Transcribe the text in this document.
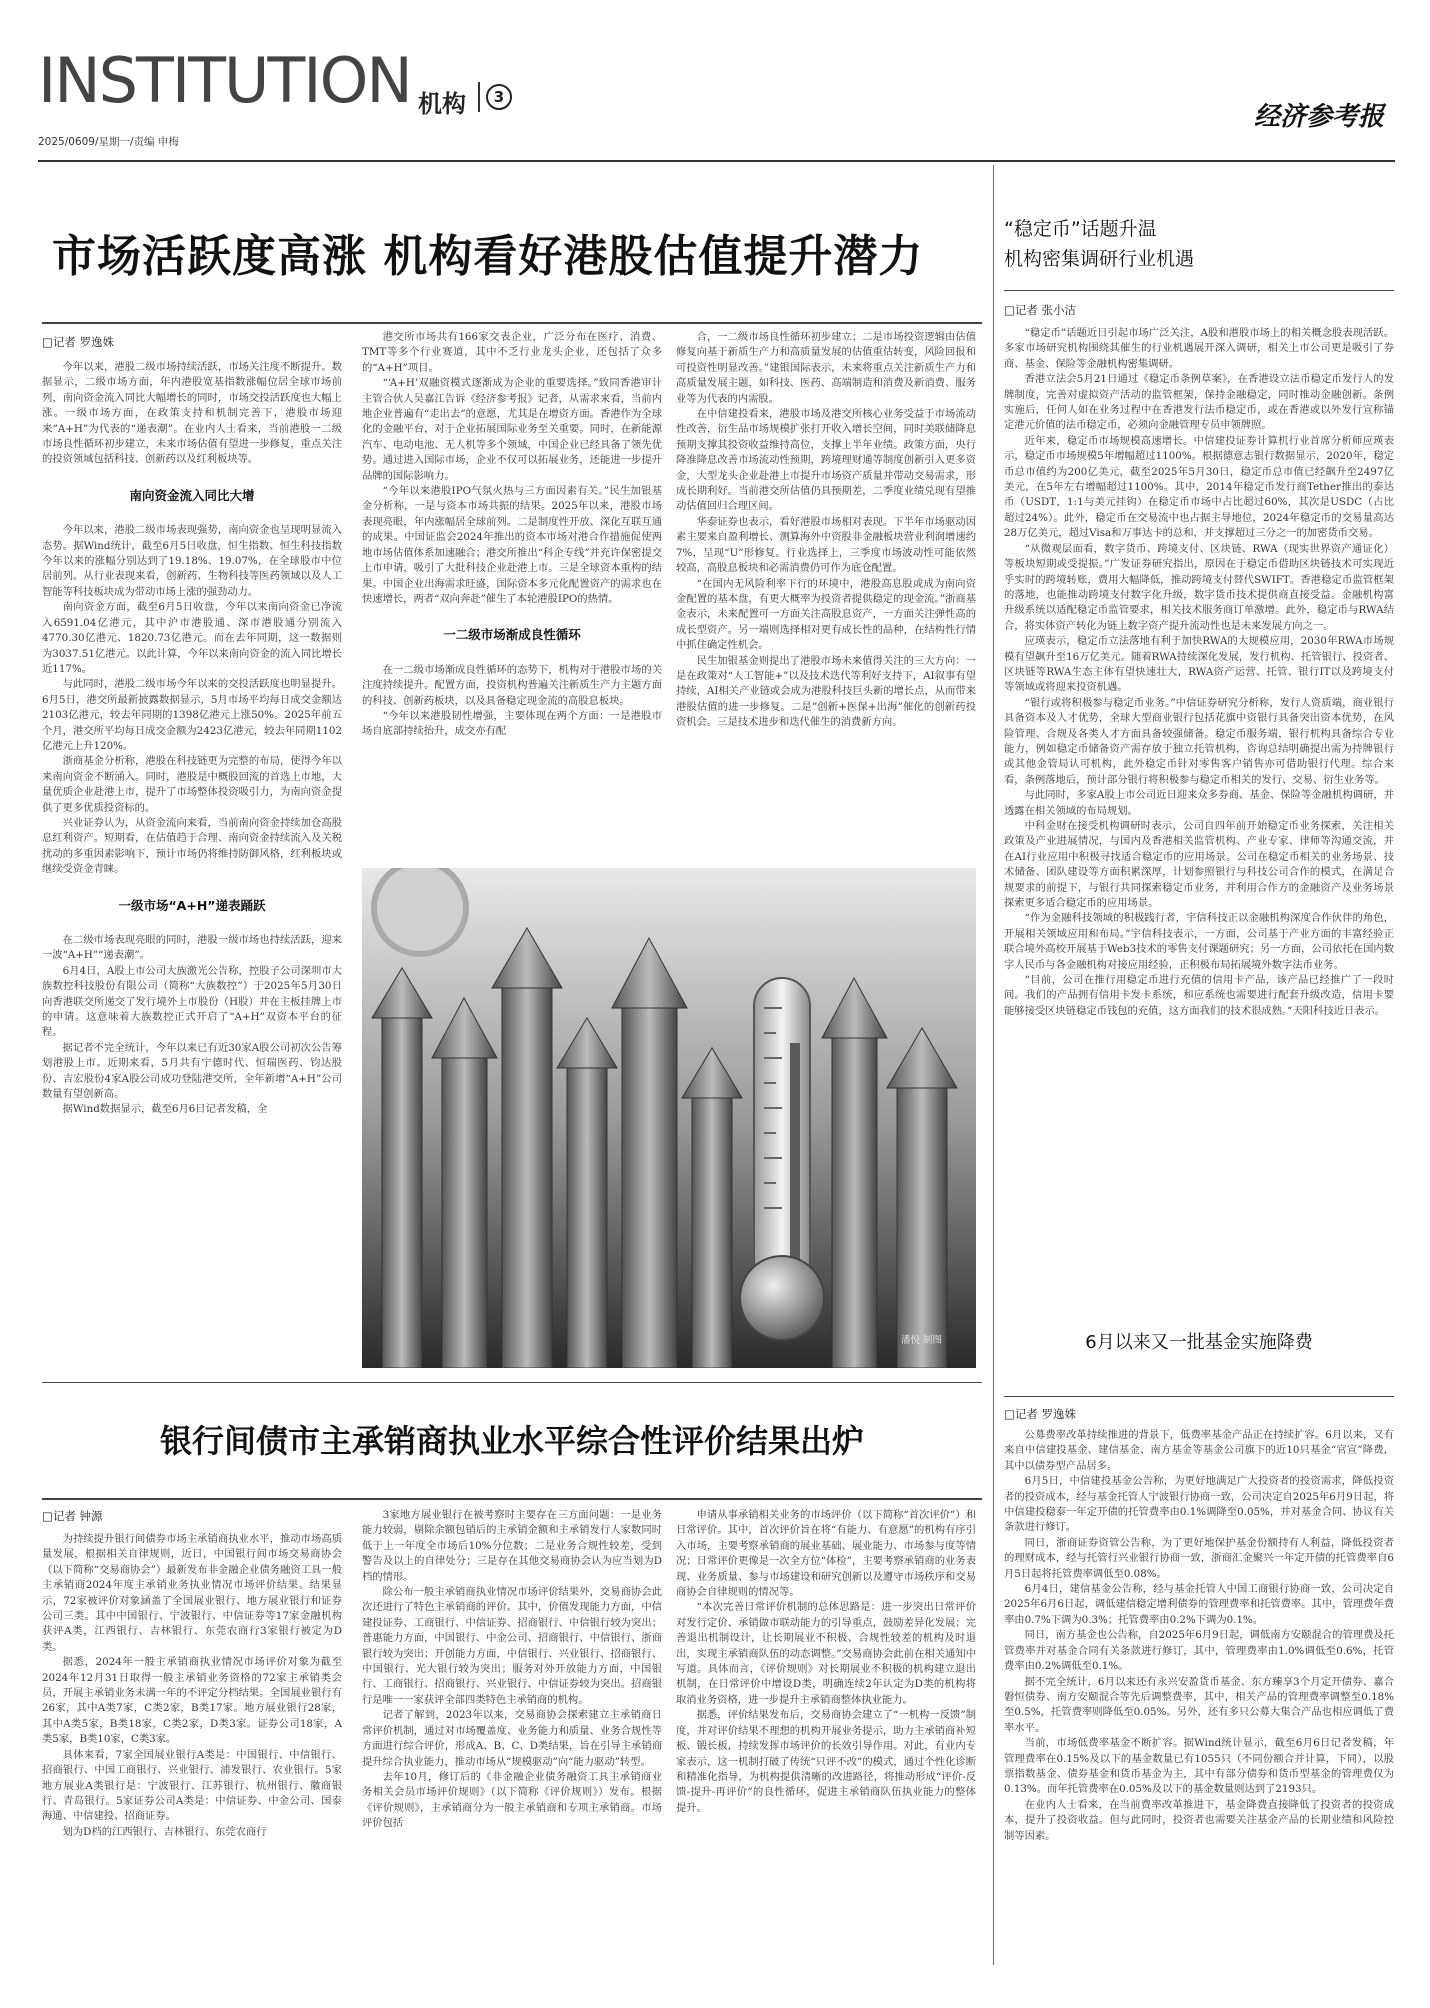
INSTITUTION 机构	3
2025/0609/星期一/责编 申梅
经济参考报
市场活跃度高涨 机构看好港股估值提升潜力
□记者 罗逸姝

今年以来，港股二级市场持续活跃，市场关注度不断提升。数据显示，二级市场方面，年内港股宽基指数涨幅位居全球市场前列，南向资金流入同比大幅增长的同时，市场交投活跃度也大幅上涨。一级市场方面，在政策支持和机制完善下，港股市场迎来“A+H”为代表的“递表潮”。在业内人士看来，当前港股一二级市场良性循环初步建立，未来市场估值有望进一步修复，重点关注的投资领域包括科技、创新药以及红利板块等。

南向资金流入同比大增

今年以来，港股二级市场表现强势，南向资金也呈现明显流入态势。据Wind统计，截至6月5日收盘，恒生指数、恒生科技指数今年以来的涨幅分别达到了19.18%、19.07%，在全球股市中位居前列。从行业表现来看，创新药、生物科技等医药领域以及人工智能等科技板块成为带动市场上涨的强劲动力。

南向资金方面，截至6月5日收盘，今年以来南向资金已净流入6591.04亿港元，其中沪市港股通、深市港股通分别流入4770.30亿港元、1820.73亿港元。而在去年同期，这一数据则为3037.51亿港元。以此计算，今年以来南向资金的流入同比增长近117%。

与此同时，港股二级市场今年以来的交投活跃度也明显提升。6月5日，港交所最新披露数据显示，5月市场平均每日成交金额达2103亿港元，较去年同期的1398亿港元上涨50%。2025年前五个月，港交所平均每日成交金额为2423亿港元，较去年同期1102亿港元上升120%。

浙商基金分析称，港股在科技链更为完整的布局，使得今年以来南向资金不断涌入。同时，港股是中概股回流的首选上市地，大量优质企业赴港上市，提升了市场整体投资吸引力，为南向资金提供了更多优质投资标的。

兴业证券认为，从资金流向来看，当前南向资金持续加仓高股息红利资产。短期看，在估值趋于合理、南向资金持续流入及关税扰动的多重因素影响下，预计市场仍将维持防御风格，红利板块或继续受资金青睐。

一级市场“A+H”递表踊跃

在二级市场表现亮眼的同时，港股一级市场也持续活跃，迎来一波“A+H”“递表潮”。

6月4日，A股上市公司大族激光公告称，控股子公司深圳市大族数控科技股份有限公司（简称“大族数控”）于2025年5月30日向香港联交所递交了发行境外上市股份（H股）并在主板挂牌上市的申请。这意味着大族数控正式开启了“A+H”双资本平台的征程。

据记者不完全统计，今年以来已有近30家A股公司初次公告筹划港股上市。近期来看，5月共有宁德时代、恒瑞医药、钧达股份、吉宏股份4家A股公司成功登陆港交所，全年新增“A+H”公司数量有望创新高。

据Wind数据显示，截至6月6日记者发稿，全

港交所市场共有166家交表企业，广泛分布在医疗、消费、TMT等多个行业赛道，其中不乏行业龙头企业，还包括了众多的“A+H”项目。

“‘A+H’双融资模式逐渐成为企业的重要选择。”致同香港审计主管合伙人吴嘉江告诉《经济参考报》记者，从需求来看，当前内地企业普遍有“走出去”的意愿，尤其是在增资方面。香港作为全球化的金融平台，对于企业拓展国际业务至关重要。同时，在新能源汽车、电动电池、无人机等多个领域，中国企业已经具备了领先优势。通过进入国际市场，企业不仅可以拓展业务，还能进一步提升品牌的国际影响力。

“今年以来港股IPO气氛火热与三方面因素有关。”民生加银基金分析称，一是与资本市场共振的结果。2025年以来，港股市场表现亮眼，年内涨幅居全球前列。二是制度性开放、深化互联互通的成果。中国证监会2024年推出的资本市场对港合作措施促使两地市场估值体系加速融合；港交所推出“科企专线”并充许保密提交上市申请，吸引了大批科技企业赴港上市。三是全球资本重构的结果。中国企业出海需求旺盛，国际资本多元化配置资产的需求也在快速增长，两者“双向奔赴”催生了本轮港股IPO的热情。

一二级市场渐成良性循环

在一二级市场渐成良性循环的态势下，机构对于港股市场的关注度持续提升。配置方面，投资机构普遍关注新质生产力主题方面的科技、创新药板块，以及具备稳定现金流的高股息板块。

“今年以来港股韧性增强，主要体现在两个方面：一是港股市场自底部持续抬升，成交亦有配

合，一二级市场良性循环初步建立；二是市场投资逻辑由估值修复向基于新质生产力和高质量发展的估值重估转变，风险回报和可投资性明显改善。”建银国际表示，未来将重点关注新质生产力和高质量发展主题，如科技、医药、高端制造和消费及新消费、服务业等为代表的内需股。

在中信建投看来，港股市场及港交所核心业务受益于市场流动性改善，衍生品市场规模扩张打开收入增长空间，同时美联储降息预期支撑其投资收益维持高位，支撑上半年业绩。政策方面，央行降准降息改善市场流动性预期，跨境理财通等制度创新引入更多资金，大型龙头企业赴港上市提升市场资产质量并带动交易需求，形成长期利好。当前港交所估值仍具预期差，二季度业绩兑现有望推动估值回归合理区间。

华泰证券也表示，看好港股市场相对表现。下半年市场驱动因素主要来自盈利增长、测算海外中资股非金融板块营业利润增速约7%，呈现“U”形修复。行业选择上，三季度市场波动性可能依然较高，高股息板块和必需消费仍可作为底仓配置。

“在国内无风险利率下行的环境中，港股高息股或成为南向资金配置的基本盘，有更大概率为投资者提供稳定的现金流。”浙商基金表示，未来配置可一方面关注高股息资产，一方面关注弹性高的成长型资产。另一端则选择相对更有成长性的品种，在结构性行情中抓住确定性机会。

民生加银基金则提出了港股市场未来值得关注的三大方向：一是在政策对“人工智能+”以及技术迭代等利好支持下，AI叙事有望持续，AI相关产业链或会成为港股科技巨头新的增长点，从而带来港股估值的进一步修复。二是”创新+医保+出海”催化的创新药投资机会。三是技术进步和迭代催生的消费新方向。

潘悦 制图
“稳定币”话题升温
机构密集调研行业机遇
□记者 张小洁

“稳定币”话题近日引起市场广泛关注，A股和港股市场上的相关概念股表现活跃。多家市场研究机构围绕其催生的行业机遇展开深入调研，相关上市公司更是吸引了券商、基金、保险等金融机构密集调研。

香港立法会5月21日通过《稳定币条例草案》，在香港设立法币稳定币发行人的发牌制度，完善对虚拟资产活动的监管框架，保持金融稳定，同时推动金融创新。条例实施后，任何人如在业务过程中在香港发行法币稳定币，或在香港或以外发行宣称锚定港元价值的法币稳定币，必须向金融管理专员申领牌照。

近年来，稳定币市场规模高速增长。中信建投证券计算机行业首席分析师应瑛表示，稳定币市场规模5年增幅超过1100%。根据德意志银行数据显示，2020年，稳定币总市值约为200亿美元，截至2025年5月30日，稳定币总市值已经飙升至2497亿美元，在5年左右增幅超过1100%。其中，2014年稳定币发行商Tether推出的泰达币（USDT，1:1与美元挂钩）在稳定币市场中占比超过60%，其次是USDC（占比超过24%）。此外，稳定币在交易流中也占据主导地位，2024年稳定币的交易量高达28万亿美元，超过Visa和万事达卡的总和，并支撑超过三分之一的加密货币交易。

“从微观层面看，数字货币、跨境支付、区块链、RWA（现实世界资产通证化）等板块短期或受提振。”广发证券研究指出，原因在于稳定币借助区块链技术可实现近乎实时的跨境转账，费用大幅降低，推动跨境支付替代SWIFT。香港稳定币监管框架的落地，也能推动跨境支付数字化升级，数字货币技术提供商直接受益。金融机构富升级系统以适配稳定币监管要求，相关技术服务商订单激增。此外，稳定币与RWA结合，将实体资产转化为链上数字资产提升流动性也是未来发展方向之一。

应瑛表示，稳定币立法落地有利于加快RWA的大规模应用，2030年RWA市场规模有望飙升至16万亿美元。随着RWA持续深化发展，发行机构、托管银行、投资者、区块链等RWA生态主体有望快速壮大，RWA资产运营、托管、银行IT以及跨境支付等领域或将迎来投资机遇。

“银行或将积极参与稳定币业务。”中信证券研究分析称，发行人资质端，商业银行具备资本及人才优势，全球大型商业银行包括花旗中资银行具备突出资本优势，在风险管理、合规及各类人才方面具备较强储备。稳定币服务端，银行机构具备综合专业能力，例如稳定币储备资产需存放于独立托管机构，咨询总结明确提出需为持牌银行或其他金管局认可机构，此外稳定币针对零售客户销售亦可借助银行代理。综合来看，条例落地后，预计部分银行将积极参与稳定币相关的发行、交易、衍生业务等。

与此同时，多家A股上市公司近日迎来众多券商、基金、保险等金融机构调研，并透露在相关领域的布局规划。

中科金财在接受机构调研时表示，公司自四年前开始稳定币业务探索，关注相关政策及产业进展情况，与国内及香港相关监管机构、产业专家、律师等沟通交流，并在AI行业应用中积极寻找适合稳定币的应用场景。公司在稳定币相关的业务场景、技术储备、团队建设等方面积累深厚，计划参照银行与科技公司合作的模式，在满足合规要求的前提下，与银行共同探索稳定币业务，并利用合作方的金融资产及业务场景探索更多适合稳定币的应用场景。

“作为金融科技领域的积极践行者，宇信科技正以金融机构深度合作伙伴的角色，开展相关领域应用和布局。”宇信科技表示，一方面，公司基于产业方面的丰富经验正联合境外高校开展基于Web3技术的零售支付课题研究；另一方面，公司依托在国内数字人民币与各金融机构对接应用经验，正积极布局拓展境外数字法币业务。

“目前，公司在推行用稳定币进行充值的信用卡产品，该产品已经推广了一段时间。我们的产品拥有信用卡发卡系统，和应系统也需要进行配套升级改造，信用卡要能够接受区块链稳定币钱包的充值，这方面我们的技术很成熟。”天阳科技近日表示。

6月以来又一批基金实施降费
□记者 罗逸姝

公募费率改革持续推进的背景下，低费率基金产品正在持续扩容。6月以来，又有来自中信建投基金、建信基金、南方基金等基金公司旗下的近10只基金“官宣”降费，其中以债券型产品居多。

6月5日，中信建投基金公告称，为更好地满足广大投资者的投资需求，降低投资者的投资成本，经与基金托管人宁波银行协商一致，公司决定自2025年6月9日起，将中信建投稳泰一年定开债的托管费率由0.1%调降至0.05%，并对基金合同、协议有关条款进行修订。

同日，浙商证券资管公告称，为了更好地保护基金份额持有人利益，降低投资者的理财成本，经与托管行兴业银行协商一致，浙商汇金聚兴一年定开债的托管费率自6月5日起将托管费率调低至0.08%。

6月4日，建信基金公告称，经与基金托管人中国工商银行协商一致，公司决定自2025年6月6日起，调低建信稳定增利债券的管理费率和托管费率。其中，管理费年费率由0.7%下调为0.3%；托管费率由0.2%下调为0.1%。

同日，南方基金也公告称，自2025年6月9日起，调低南方安颐混合的管理费及托管费率并对基金合同有关条款进行修订，其中，管理费率由1.0%调低至0.6%，托管费率由0.2%调低至0.1%。

据不完全统计，6月以来还有永兴安盈货币基金、东方臻享3个月定开债券、嘉合磐恒债券、南方安颐混合等先后调整费率，其中，相关产品的管理费率调整至0.18%至0.5%，托管费率则降低至0.05%。另外，还有多只公募大集合产品也相应调低了费率水平。

当前，市场低费率基金不断扩容。据Wind统计显示，截至6月6日记者发稿，年管理费率在0.15%及以下的基金数量已有1055只（不同份额合并计算，下同），以股票指数基金、债券基金和货币基金为主，其中有部分债券和货币型基金的管理费仅为0.13%。而年托管费率在0.05%及以下的基金数量则达到了2193只。

在业内人士看来，在当前费率改革推进下，基金降费直接降低了投资者的投资成本，提升了投资收益。但与此同时，投资者也需要关注基金产品的长期业绩和风险控制等因素。

银行间债市主承销商执业水平综合性评价结果出炉
□记者 钟源

为持续提升银行间债券市场主承销商执业水平，推动市场高质量发展，根据相关自律规则，近日，中国银行间市场交易商协会（以下简称“交易商协会”）最新发布非金融企业债务融资工具一般主承销商2024年度主承销业务执业情况市场评价结果。结果显示，72家被评价对象涵盖了全国展业银行、地方展业银行和证券公司三类。其中中国银行、宁波银行、中信证券等17家金融机构获评A类，江西银行、吉林银行、东莞农商行3家银行被定为D类。

据悉，2024年一般主承销商执业情况市场评价对象为截至2024年12月31日取得一般主承销业务资格的72家主承销类会员，开展主承销业务未满一年的不评定分档结果。全国展业银行有26家，其中A类7家，C类2家，B类17家。地方展业银行28家，其中A类5家，B类18家，C类2家，D类3家。证券公司18家，A类5家，B类10家，C类3家。

具体来看，7家全国展业银行A类是：中国银行、中信银行、招商银行、中国工商银行、兴业银行、浦发银行、农业银行。5家地方展业A类银行是：宁波银行、江苏银行、杭州银行、徽商银行、青岛银行。5家证券公司A类是：中信证券、中金公司、国泰海通、中信建投、招商证券。

划为D档的江西银行、吉林银行、东莞农商行

3家地方展业银行在被考察时主要存在三方面问题：一是业务能力较弱，剔除余额包销后的主承销金额和主承销发行人家数同时低于上一年度全市场后10%分位数；二是业务合规性较差，受到警告及以上的自律处分；三是存在其他交易商协会认为应当划为D档的情形。

除公布一般主承销商执业情况市场评价结果外，交易商协会此次还进行了特色主承销商的评价。其中，价值发现能力方面，中信建投证券、工商银行、中信证券、招商银行、中信银行较为突出；普惠能力方面，中国银行、中金公司、招商银行、中信银行、浙商银行较为突出；开创能力方面，中信银行、兴业银行、招商银行、中国银行、光大银行较为突出；服务对外开放能力方面，中国银行、工商银行、招商银行、兴业银行、中信证券较为突出。招商银行是唯一一家获评全部四类特色主承销商的机构。

记者了解到，2023年以来，交易商协会探索建立主承销商日常评价机制，通过对市场覆盖度、业务能力和质量、业务合规性等方面进行综合评价，形成A、B、C、D类结果，旨在引导主承销商提升综合执业能力，推动市场从“规模驱动”向“能力驱动”转型。

去年10月，修订后的《非金融企业债务融资工具主承销商业务相关会员市场评价规则》（以下简称《评价规则》）发布。根据《评价规则》，主承销商分为一般主承销商和专项主承销商。市场评价包括

申请从事承销相关业务的市场评价（以下简称“首次评价”）和日常评价。其中，首次评价旨在将“有能力、有意愿”的机构有序引入市场，主要考察承销商的展业基础、展业能力、市场参与度等情况；日常评价更像是一次全方位“体检”，主要考察承销商的业务表现、业务质量、参与市场建设和研究创新以及遵守市场秩序和交易商协会自律规则的情况等。

“本次完善日常评价机制的总体思路是：进一步突出日常评价对发行定价、承销做市联动能力的引导重点，鼓励差异化发展；完善退出机制设计，让长期展业不积极、合规性较差的机构及时退出，实现主承销商队伍的动态调整。”交易商协会此前在相关通知中写道。具体而言，《评价规则》对长期展业不积极的机构建立退出机制，在日常评价中增设D类，明确连续2年认定为D类的机构将取消业务资格，进一步提升主承销商整体执业能力。

据悉，评价结果发布后，交易商协会建立了“一机构一反馈”制度，并对评价结果不理想的机构开展业务提示，助力主承销商补短板、锻长板，持续发挥市场评价的长效引导作用。对此，有业内专家表示，这一机制打破了传统“只评不改”的模式，通过个性化诊断和精准化指导，为机构提供清晰的改进路径，将推动形成“评价-反馈-提升-再评价”的良性循环，促进主承销商队伍执业能力的整体提升。
